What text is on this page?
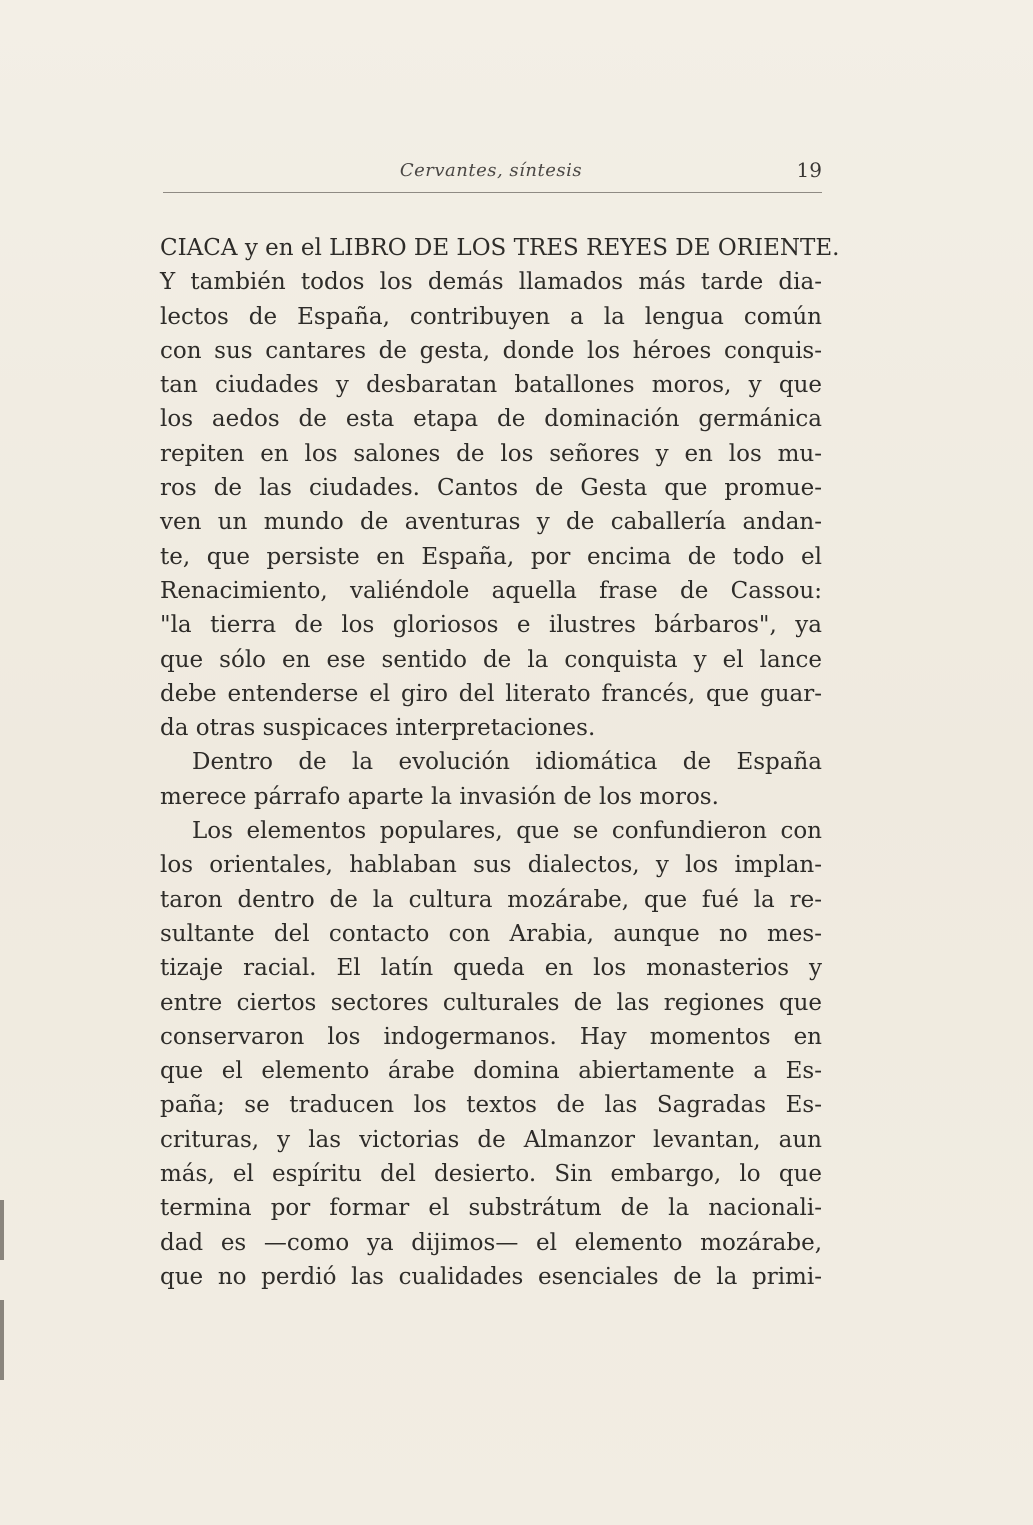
Cervantes, síntesis	19
CIACA y en el LIBRO DE LOS TRES REYES DE ORIENTE.
Y también todos los demás llamados más tarde dia-
lectos de España, contribuyen a la lengua común
con sus cantares de gesta, donde los héroes conquis-
tan ciudades y desbaratan batallones moros, y que
los aedos de esta etapa de dominación germánica
repiten en los salones de los señores y en los mu-
ros de las ciudades. Cantos de Gesta que promue-
ven un mundo de aventuras y de caballería andan-
te, que persiste en España, por encima de todo el
Renacimiento, valiéndole aquella frase de Cassou:
"la tierra de los gloriosos e ilustres bárbaros", ya
que sólo en ese sentido de la conquista y el lance
debe entenderse el giro del literato francés, que guar-
da otras suspicaces interpretaciones.
Dentro de la evolución idiomática de España
merece párrafo aparte la invasión de los moros.
Los elementos populares, que se confundieron con
los orientales, hablaban sus dialectos, y los implan-
taron dentro de la cultura mozárabe, que fué la re-
sultante del contacto con Arabia, aunque no mes-
tizaje racial. El latín queda en los monasterios y
entre ciertos sectores culturales de las regiones que
conservaron los indogermanos. Hay momentos en
que el elemento árabe domina abiertamente a Es-
paña; se traducen los textos de las Sagradas Es-
crituras, y las victorias de Almanzor levantan, aun
más, el espíritu del desierto. Sin embargo, lo que
termina por formar el substrátum de la nacionali-
dad es —como ya dijimos— el elemento mozárabe,
que no perdió las cualidades esenciales de la primi-
